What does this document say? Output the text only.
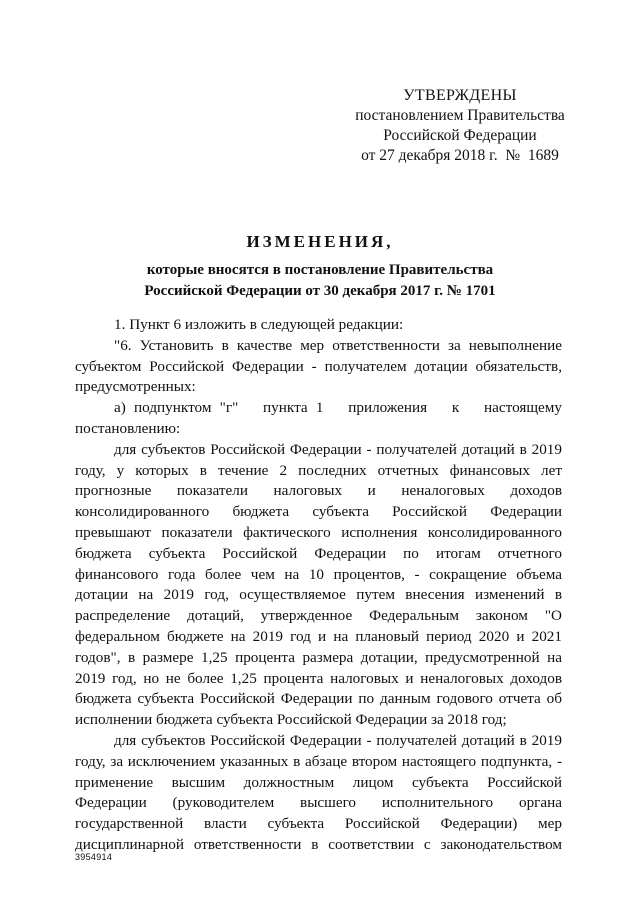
УТВЕРЖДЕНЫ
постановлением Правительства
Российской Федерации
от 27 декабря 2018 г.  №  1689
ИЗМЕНЕНИЯ,
которые вносятся в постановление Правительства
Российской Федерации от 30 декабря 2017 г. № 1701

1. Пункт 6 изложить в следующей редакции:

"6. Установить в качестве мер ответственности за невыполнение субъектом Российской Федерации - получателем дотации обязательств, предусмотренных:

а) подпунктом "г"   пункта 1   приложения   к   настоящему постановлению:

для субъектов Российской Федерации - получателей дотаций в 2019 году, у которых в течение 2 последних отчетных финансовых лет прогнозные показатели налоговых и неналоговых доходов консолидированного бюджета субъекта Российской Федерации превышают показатели фактического исполнения консолидированного бюджета субъекта Российской Федерации по итогам отчетного финансового года более чем на 10 процентов, - сокращение объема дотации на 2019 год, осуществляемое путем внесения изменений в распределение дотаций, утвержденное Федеральным законом "О федеральном бюджете на 2019 год и на плановый период 2020 и 2021 годов", в размере 1,25 процента размера дотации, предусмотренной на 2019 год, но не более 1,25 процента налоговых и неналоговых доходов бюджета субъекта Российской Федерации по данным годового отчета об исполнении бюджета субъекта Российской Федерации за 2018 год;

для субъектов Российской Федерации - получателей дотаций в 2019 году, за исключением указанных в абзаце втором настоящего подпункта, - применение высшим должностным лицом субъекта Российской Федерации (руководителем высшего исполнительного органа государственной власти субъекта Российской Федерации) мер дисциплинарной ответственности в соответствии с законодательством

3954914
